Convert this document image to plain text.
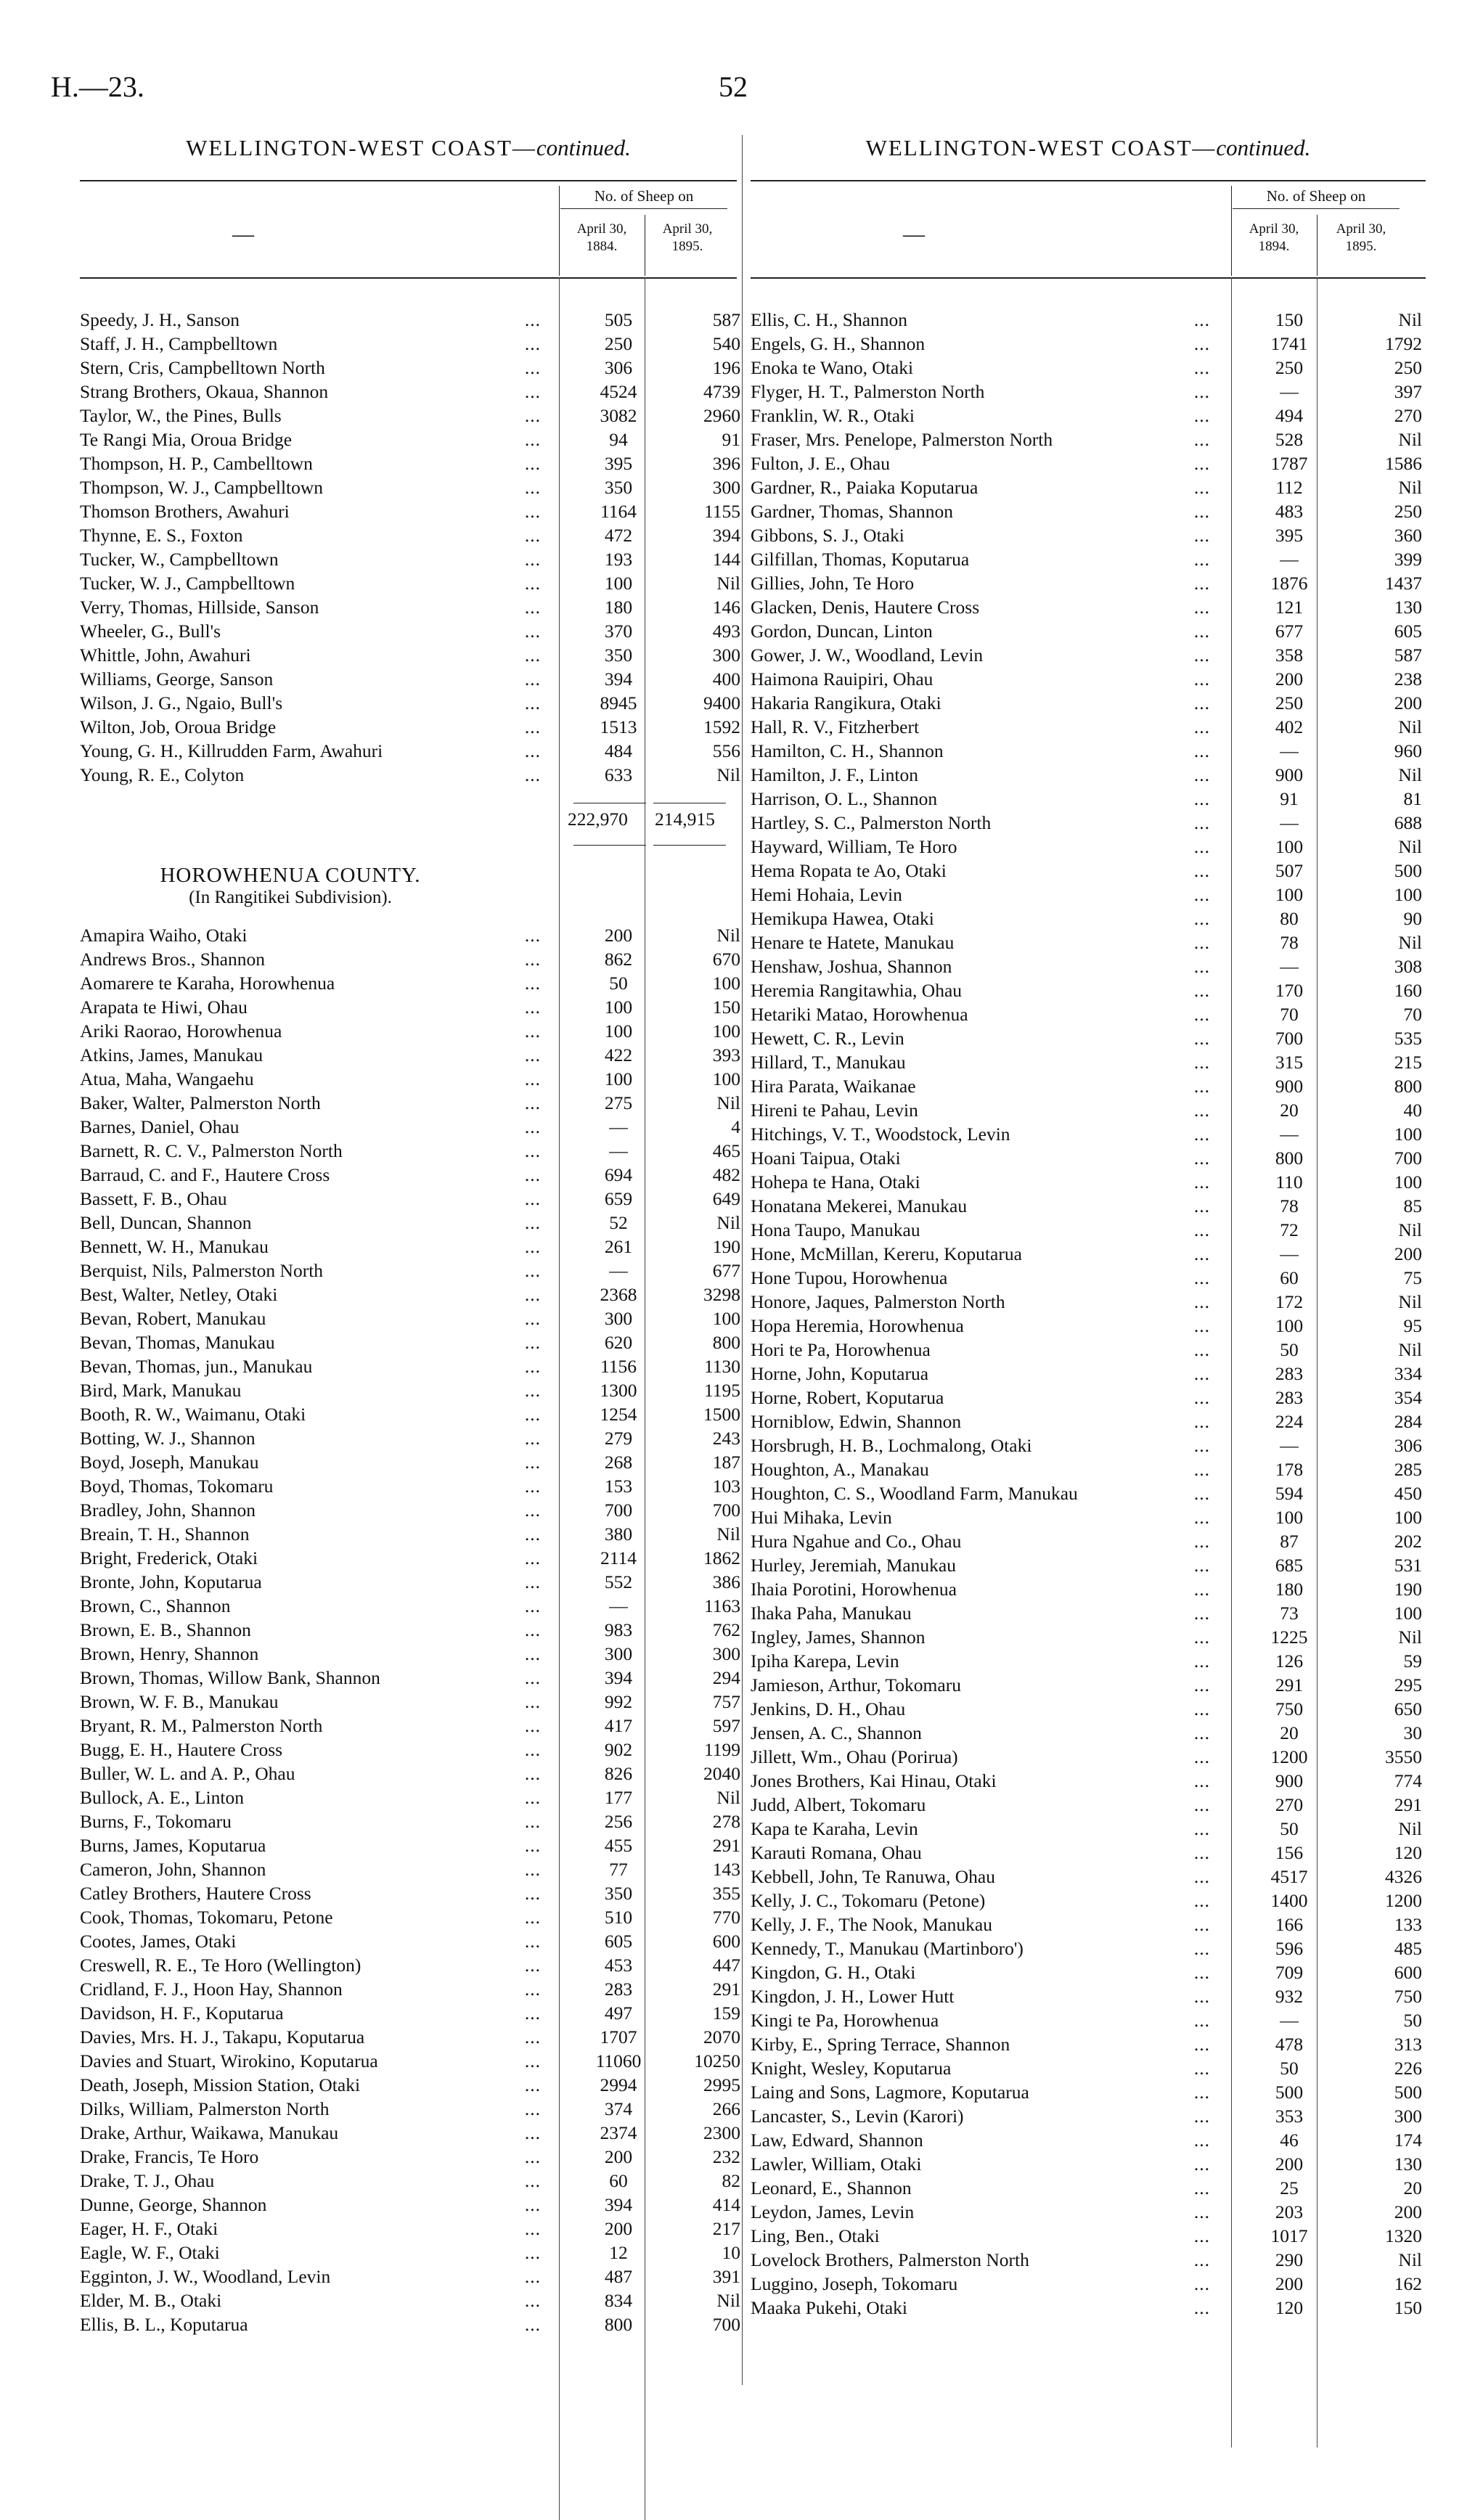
H.—23.	52
WELLINGTON-WEST COAST—continued.
—
No. of Sheep on
April 30, 1884.
April 30, 1895.
Speedy, J. H., Sanson	...	505	587
Staff, J. H., Campbelltown	...	250	540
Stern, Cris, Campbelltown North	...	306	196
Strang Brothers, Okaua, Shannon	...	4524	4739
Taylor, W., the Pines, Bulls	...	3082	2960
Te Rangi Mia, Oroua Bridge	...	94	91
Thompson, H. P., Cambelltown	...	395	396
Thompson, W. J., Campbelltown	...	350	300
Thomson Brothers, Awahuri	...	1164	1155
Thynne, E. S., Foxton	...	472	394
Tucker, W., Campbelltown	...	193	144
Tucker, W. J., Campbelltown	...	100	Nil
Verry, Thomas, Hillside, Sanson	...	180	146
Wheeler, G., Bull's	...	370	493
Whittle, John, Awahuri	...	350	300
Williams, George, Sanson	...	394	400
Wilson, J. G., Ngaio, Bull's	...	8945	9400
Wilton, Job, Oroua Bridge	...	1513	1592
Young, G. H., Killrudden Farm, Awahuri	...	484	556
Young, R. E., Colyton	...	633	Nil
222,970 214,915
HOROWHENUA COUNTY.
(In Rangitikei Subdivision).
Amapira Waiho, Otaki	...	200	Nil
Andrews Bros., Shannon	...	862	670
Aomarere te Karaha, Horowhenua	...	50	100
Arapata te Hiwi, Ohau	...	100	150
Ariki Raorao, Horowhenua	...	100	100
Atkins, James, Manukau	...	422	393
Atua, Maha, Wangaehu	...	100	100
Baker, Walter, Palmerston North	...	275	Nil
Barnes, Daniel, Ohau	...	—	4
Barnett, R. C. V., Palmerston North	...	—	465
Barraud, C. and F., Hautere Cross	...	694	482
Bassett, F. B., Ohau	...	659	649
Bell, Duncan, Shannon	...	52	Nil
Bennett, W. H., Manukau	...	261	190
Berquist, Nils, Palmerston North	...	—	677
Best, Walter, Netley, Otaki	...	2368	3298
Bevan, Robert, Manukau	...	300	100
Bevan, Thomas, Manukau	...	620	800
Bevan, Thomas, jun., Manukau	...	1156	1130
Bird, Mark, Manukau	...	1300	1195
Booth, R. W., Waimanu, Otaki	...	1254	1500
Botting, W. J., Shannon	...	279	243
Boyd, Joseph, Manukau	...	268	187
Boyd, Thomas, Tokomaru	...	153	103
Bradley, John, Shannon	...	700	700
Breain, T. H., Shannon	...	380	Nil
Bright, Frederick, Otaki	...	2114	1862
Bronte, John, Koputarua	...	552	386
Brown, C., Shannon	...	—	1163
Brown, E. B., Shannon	...	983	762
Brown, Henry, Shannon	...	300	300
Brown, Thomas, Willow Bank, Shannon	...	394	294
Brown, W. F. B., Manukau	...	992	757
Bryant, R. M., Palmerston North	...	417	597
Bugg, E. H., Hautere Cross	...	902	1199
Buller, W. L. and A. P., Ohau	...	826	2040
Bullock, A. E., Linton	...	177	Nil
Burns, F., Tokomaru	...	256	278
Burns, James, Koputarua	...	455	291
Cameron, John, Shannon	...	77	143
Catley Brothers, Hautere Cross	...	350	355
Cook, Thomas, Tokomaru, Petone	...	510	770
Cootes, James, Otaki	...	605	600
Creswell, R. E., Te Horo (Wellington)	...	453	447
Cridland, F. J., Hoon Hay, Shannon	...	283	291
Davidson, H. F., Koputarua	...	497	159
Davies, Mrs. H. J., Takapu, Koputarua	...	1707	2070
Davies and Stuart, Wirokino, Koputarua	...	11060	10250
Death, Joseph, Mission Station, Otaki	...	2994	2995
Dilks, William, Palmerston North	...	374	266
Drake, Arthur, Waikawa, Manukau	...	2374	2300
Drake, Francis, Te Horo	...	200	232
Drake, T. J., Ohau	...	60	82
Dunne, George, Shannon	...	394	414
Eager, H. F., Otaki	...	200	217
Eagle, W. F., Otaki	...	12	10
Egginton, J. W., Woodland, Levin	...	487	391
Elder, M. B., Otaki	...	834	Nil
Ellis, B. L., Koputarua	...	800	700
WELLINGTON-WEST COAST—continued.
—
No. of Sheep on
April 30, 1894.
April 30, 1895.
Ellis, C. H., Shannon	...	150	Nil
Engels, G. H., Shannon	...	1741	1792
Enoka te Wano, Otaki	...	250	250
Flyger, H. T., Palmerston North	...	—	397
Franklin, W. R., Otaki	...	494	270
Fraser, Mrs. Penelope, Palmerston North	...	528	Nil
Fulton, J. E., Ohau	...	1787	1586
Gardner, R., Paiaka Koputarua	...	112	Nil
Gardner, Thomas, Shannon	...	483	250
Gibbons, S. J., Otaki	...	395	360
Gilfillan, Thomas, Koputarua	...	—	399
Gillies, John, Te Horo	...	1876	1437
Glacken, Denis, Hautere Cross	...	121	130
Gordon, Duncan, Linton	...	677	605
Gower, J. W., Woodland, Levin	...	358	587
Haimona Rauipiri, Ohau	...	200	238
Hakaria Rangikura, Otaki	...	250	200
Hall, R. V., Fitzherbert	...	402	Nil
Hamilton, C. H., Shannon	...	—	960
Hamilton, J. F., Linton	...	900	Nil
Harrison, O. L., Shannon	...	91	81
Hartley, S. C., Palmerston North	...	—	688
Hayward, William, Te Horo	...	100	Nil
Hema Ropata te Ao, Otaki	...	507	500
Hemi Hohaia, Levin	...	100	100
Hemikupa Hawea, Otaki	...	80	90
Henare te Hatete, Manukau	...	78	Nil
Henshaw, Joshua, Shannon	...	—	308
Heremia Rangitawhia, Ohau	...	170	160
Hetariki Matao, Horowhenua	...	70	70
Hewett, C. R., Levin	...	700	535
Hillard, T., Manukau	...	315	215
Hira Parata, Waikanae	...	900	800
Hireni te Pahau, Levin	...	20	40
Hitchings, V. T., Woodstock, Levin	...	—	100
Hoani Taipua, Otaki	...	800	700
Hohepa te Hana, Otaki	...	110	100
Honatana Mekerei, Manukau	...	78	85
Hona Taupo, Manukau	...	72	Nil
Hone, McMillan, Kereru, Koputarua	...	—	200
Hone Tupou, Horowhenua	...	60	75
Honore, Jaques, Palmerston North	...	172	Nil
Hopa Heremia, Horowhenua	...	100	95
Hori te Pa, Horowhenua	...	50	Nil
Horne, John, Koputarua	...	283	334
Horne, Robert, Koputarua	...	283	354
Horniblow, Edwin, Shannon	...	224	284
Horsbrugh, H. B., Lochmalong, Otaki	...	—	306
Houghton, A., Manakau	...	178	285
Houghton, C. S., Woodland Farm, Manukau	...	594	450
Hui Mihaka, Levin	...	100	100
Hura Ngahue and Co., Ohau	...	87	202
Hurley, Jeremiah, Manukau	...	685	531
Ihaia Porotini, Horowhenua	...	180	190
Ihaka Paha, Manukau	...	73	100
Ingley, James, Shannon	...	1225	Nil
Ipiha Karepa, Levin	...	126	59
Jamieson, Arthur, Tokomaru	...	291	295
Jenkins, D. H., Ohau	...	750	650
Jensen, A. C., Shannon	...	20	30
Jillett, Wm., Ohau (Porirua)	...	1200	3550
Jones Brothers, Kai Hinau, Otaki	...	900	774
Judd, Albert, Tokomaru	...	270	291
Kapa te Karaha, Levin	...	50	Nil
Karauti Romana, Ohau	...	156	120
Kebbell, John, Te Ranuwa, Ohau	...	4517	4326
Kelly, J. C., Tokomaru (Petone)	...	1400	1200
Kelly, J. F., The Nook, Manukau	...	166	133
Kennedy, T., Manukau (Martinboro')	...	596	485
Kingdon, G. H., Otaki	...	709	600
Kingdon, J. H., Lower Hutt	...	932	750
Kingi te Pa, Horowhenua	...	—	50
Kirby, E., Spring Terrace, Shannon	...	478	313
Knight, Wesley, Koputarua	...	50	226
Laing and Sons, Lagmore, Koputarua	...	500	500
Lancaster, S., Levin (Karori)	...	353	300
Law, Edward, Shannon	...	46	174
Lawler, William, Otaki	...	200	130
Leonard, E., Shannon	...	25	20
Leydon, James, Levin	...	203	200
Ling, Ben., Otaki	...	1017	1320
Lovelock Brothers, Palmerston North	...	290	Nil
Luggino, Joseph, Tokomaru	...	200	162
Maaka Pukehi, Otaki	...	120	150
